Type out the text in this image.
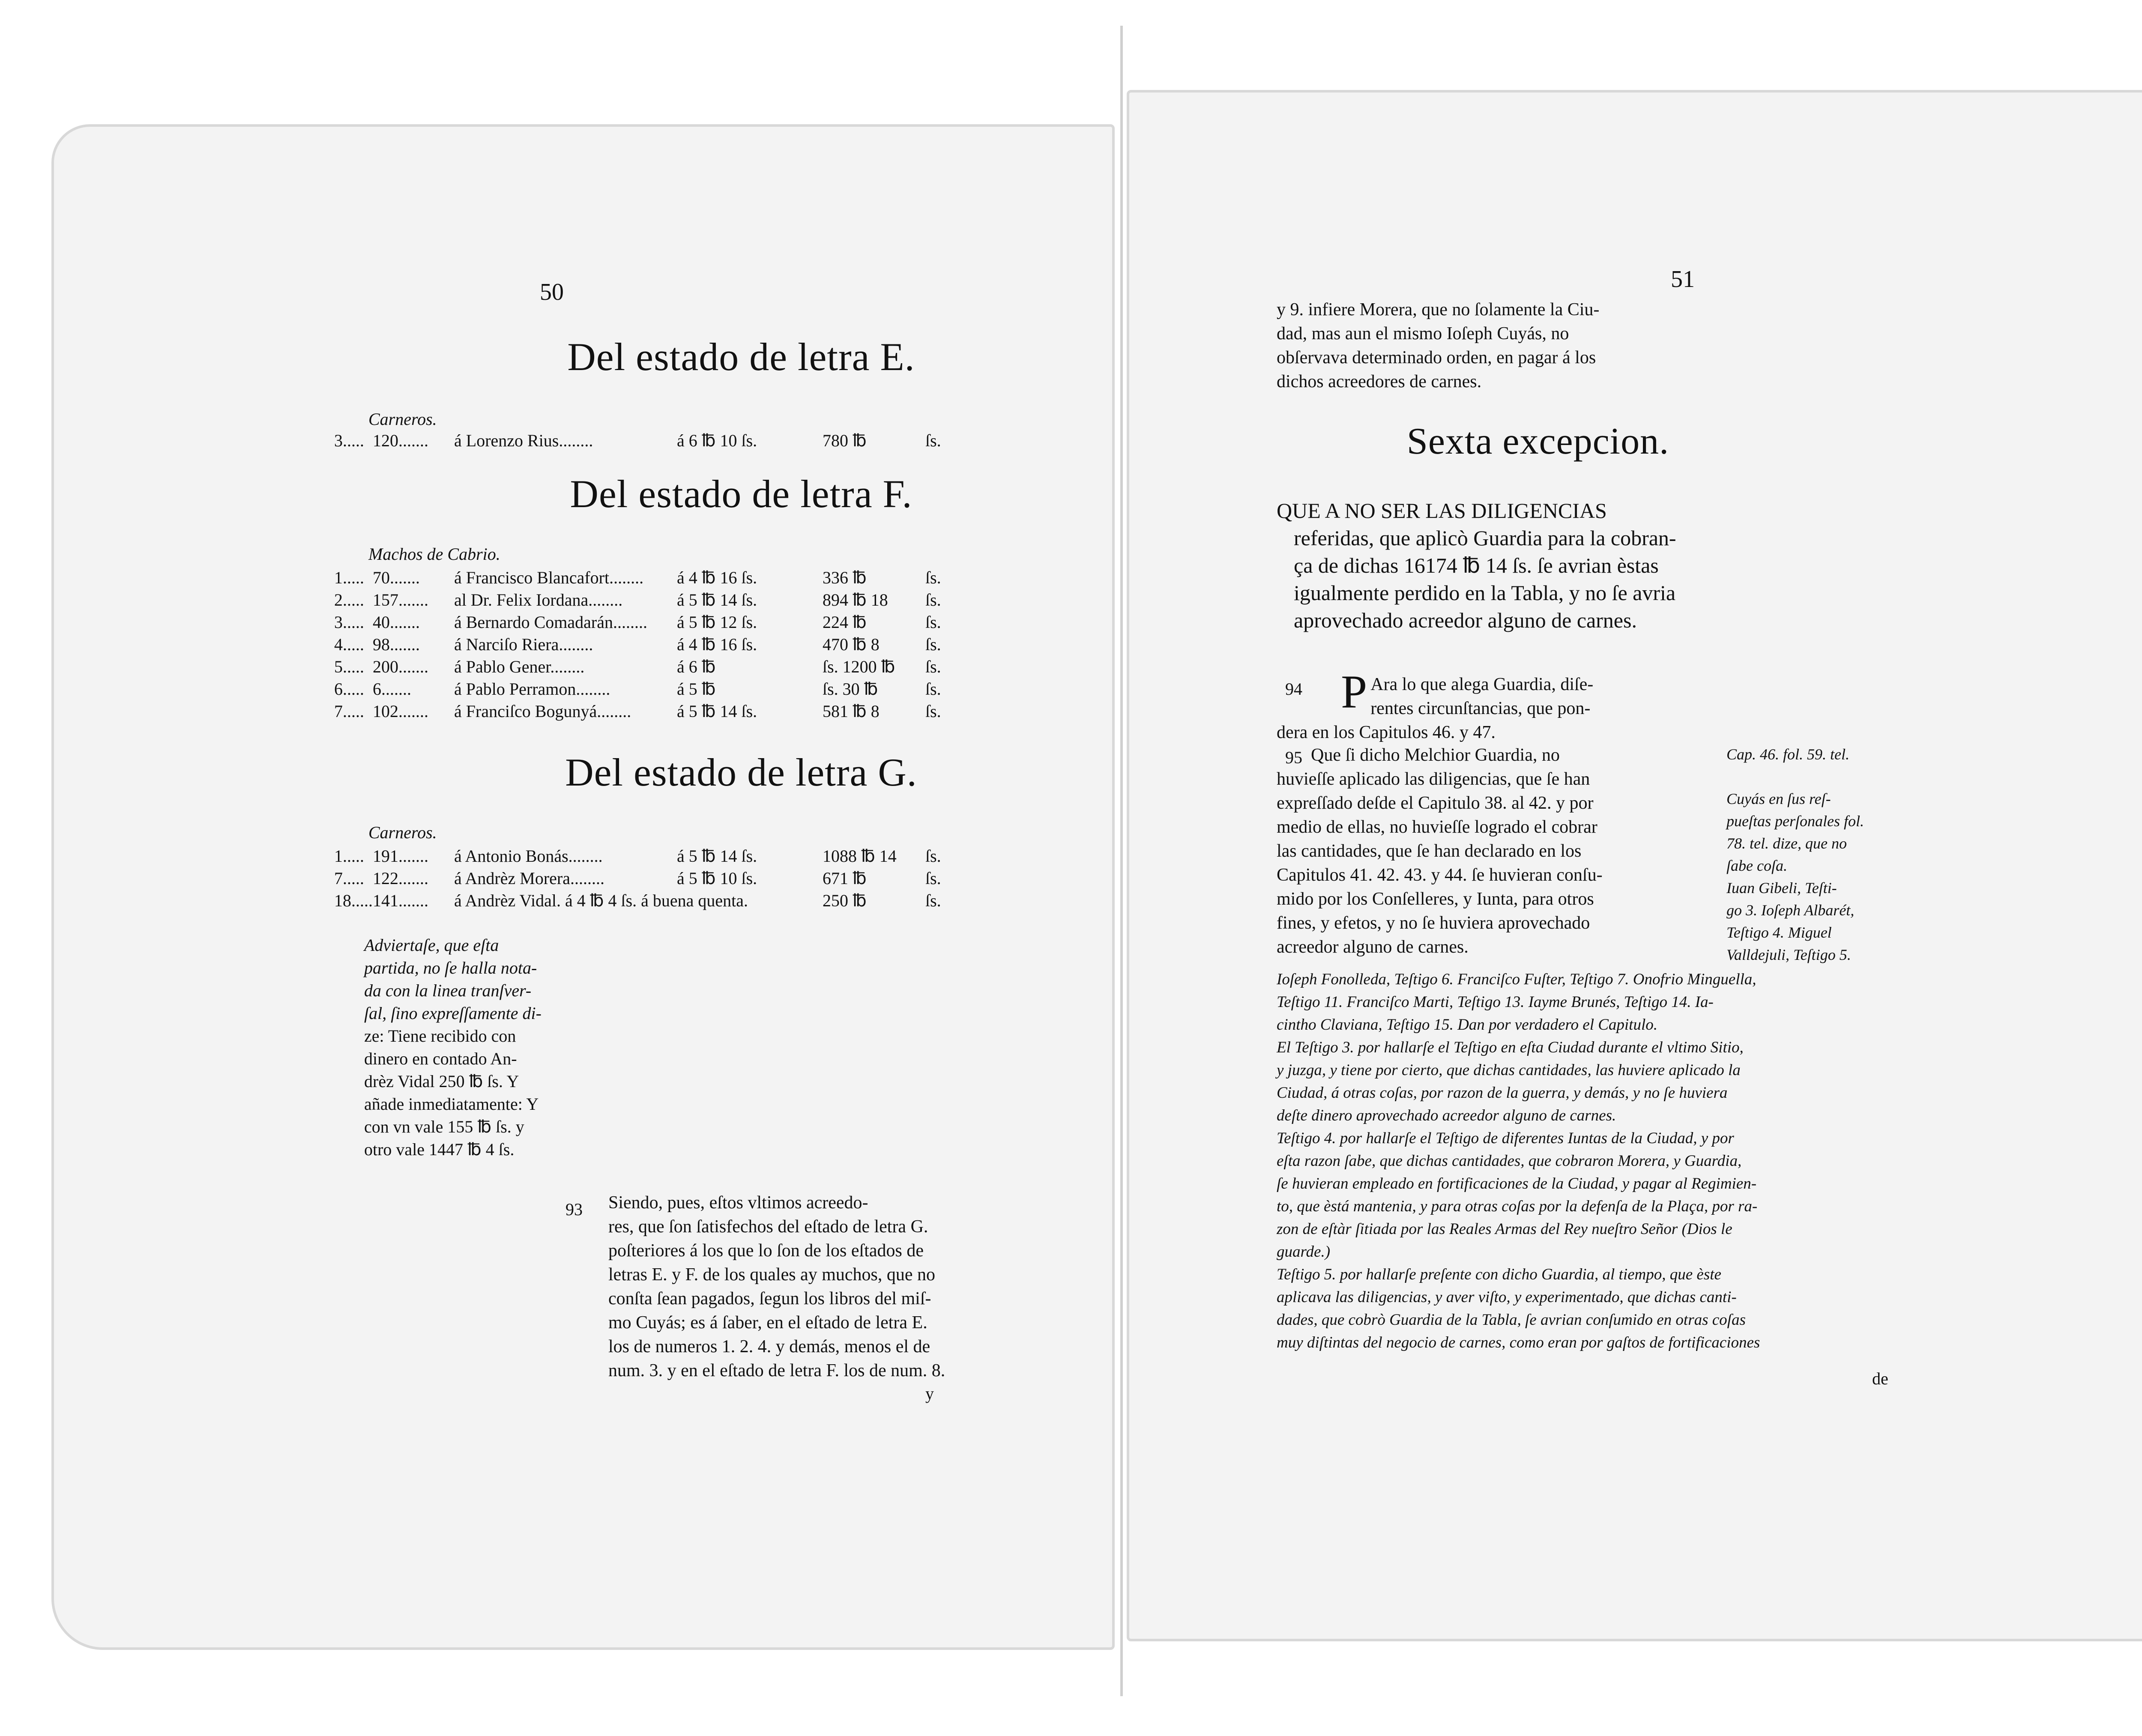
50
Del estado de letra E.
Carneros.
3..... 120....... á Lorenzo Rius........	á 6 ℔ 10 ſs.	780 ℔	ſs.
Del estado de letra F.
Machos de Cabrio.
1..... 70....... á Francisco Blancafort........ á 4 ℔ 16 ſs.	336 ℔	ſs.
2..... 157....... al Dr. Felix Iordana........	á 5 ℔ 14 ſs.	894 ℔ 18 ſs.
3..... 40....... á Bernardo Comadarán........ á 5 ℔ 12 ſs.	224 ℔	ſs.
4..... 98....... á Narciſo Riera........	á 4 ℔ 16 ſs.	470 ℔ 8	ſs.
5..... 200....... á Pablo Gener........	á 6 ℔	ſs. 1200 ℔ ſs.
6..... 6.......	á Pablo Perramon........	á 5 ℔	ſs. 30 ℔	ſs.
7..... 102....... á Franciſco Bogunyá........	á 5 ℔ 14 ſs.	581 ℔ 8	ſs.
Del estado de letra G.
Carneros.
1..... 191....... á Antonio Bonás........	á 5 ℔ 14 ſs.	1088 ℔ 14 ſs.
7..... 122....... á Andrèz Morera........	á 5 ℔ 10 ſs.	671 ℔	ſs.
18..... 141....... á Andrèz Vidal. á 4 ℔ 4 ſs. á buena quenta.	250 ℔	ſs.
Adviertaſe, que eſta
partida, no ſe halla nota-
da con la linea tranſver-
ſal, ſino expreſſamente di-
ze: Tiene recibido con
dinero en contado An-
drèz Vidal 250 ℔ ſs. Y
añade inmediatamente: Y
con vn vale 155 ℔ ſs. y
otro vale 1447 ℔ 4 ſs.
93 Siendo, pues, eſtos vltimos acreedo-
res, que ſon ſatisfechos del eſtado de letra G.
poſteriores á los que lo ſon de los eſtados de
letras E. y F. de los quales ay muchos, que no
conſta ſean pagados, ſegun los libros del miſ-
mo Cuyás; es á ſaber, en el eſtado de letra E.
los de numeros 1. 2. 4. y demás, menos el de
num. 3. y en el eſtado de letra F. los de num. 8.
y
51
y 9. infiere Morera, que no ſolamente la Ciu-
dad, mas aun el mismo Ioſeph Cuyás, no
obſervava determinado orden, en pagar á los
dichos acreedores de carnes.
Sexta excepcion.
QUE A NO SER LAS DILIGENCIAS
referidas, que aplicò Guardia para la cobran-
ça de dichas 16174 ℔ 14 ſs. ſe avrian èstas
igualmente perdido en la Tabla, y no ſe avria
aprovechado acreedor alguno de carnes.
94 P Ara lo que alega Guardia, diſe-
rentes circunſtancias, que pon-
dera en los Capitulos 46. y 47.
95 Que ſi dicho Melchior Guardia, no
huvieſſe aplicado las diligencias, que ſe han
expreſſado deſde el Capitulo 38. al 42. y por
medio de ellas, no huvieſſe logrado el cobrar
las cantidades, que ſe han declarado en los
Capitulos 41. 42. 43. y 44. ſe huvieran conſu-
mido por los Conſelleres, y Iunta, para otros
fines, y efetos, y no ſe huviera aprovechado
acreedor alguno de carnes.
Cap. 46. fol. 59. tel.

Cuyás en ſus reſ-
pueſtas perſonales fol.
78. tel. dize, que no
ſabe coſa.
Iuan Gibeli, Teſti-
go 3. Ioſeph Albarét,
Teſtigo 4. Miguel
Valldejuli, Teſtigo 5.
Ioſeph Fonolleda, Teſtigo 6. Franciſco Fuſter, Teſtigo 7. Onofrio Minguella,
Teſtigo 11. Franciſco Marti, Teſtigo 13. Iayme Brunés, Teſtigo 14. Ia-
cintho Claviana, Teſtigo 15. Dan por verdadero el Capitulo.
El Teſtigo 3. por hallarſe el Teſtigo en eſta Ciudad durante el vltimo Sitio,
y juzga, y tiene por cierto, que dichas cantidades, las huviere aplicado la
Ciudad, á otras coſas, por razon de la guerra, y demás, y no ſe huviera
deſte dinero aprovechado acreedor alguno de carnes.
Teſtigo 4. por hallarſe el Teſtigo de diferentes Iuntas de la Ciudad, y por
eſta razon ſabe, que dichas cantidades, que cobraron Morera, y Guardia,
ſe huvieran empleado en fortificaciones de la Ciudad, y pagar al Regimien-
to, que èstá mantenia, y para otras coſas por la defenſa de la Plaça, por ra-
zon de eſtàr ſitiada por las Reales Armas del Rey nueſtro Señor (Dios le
guarde.)
Teſtigo 5. por hallarſe preſente con dicho Guardia, al tiempo, que èste
aplicava las diligencias, y aver viſto, y experimentado, que dichas canti-
dades, que cobrò Guardia de la Tabla, ſe avrian conſumido en otras coſas
muy diſtintas del negocio de carnes, como eran por gaſtos de fortificaciones
de
